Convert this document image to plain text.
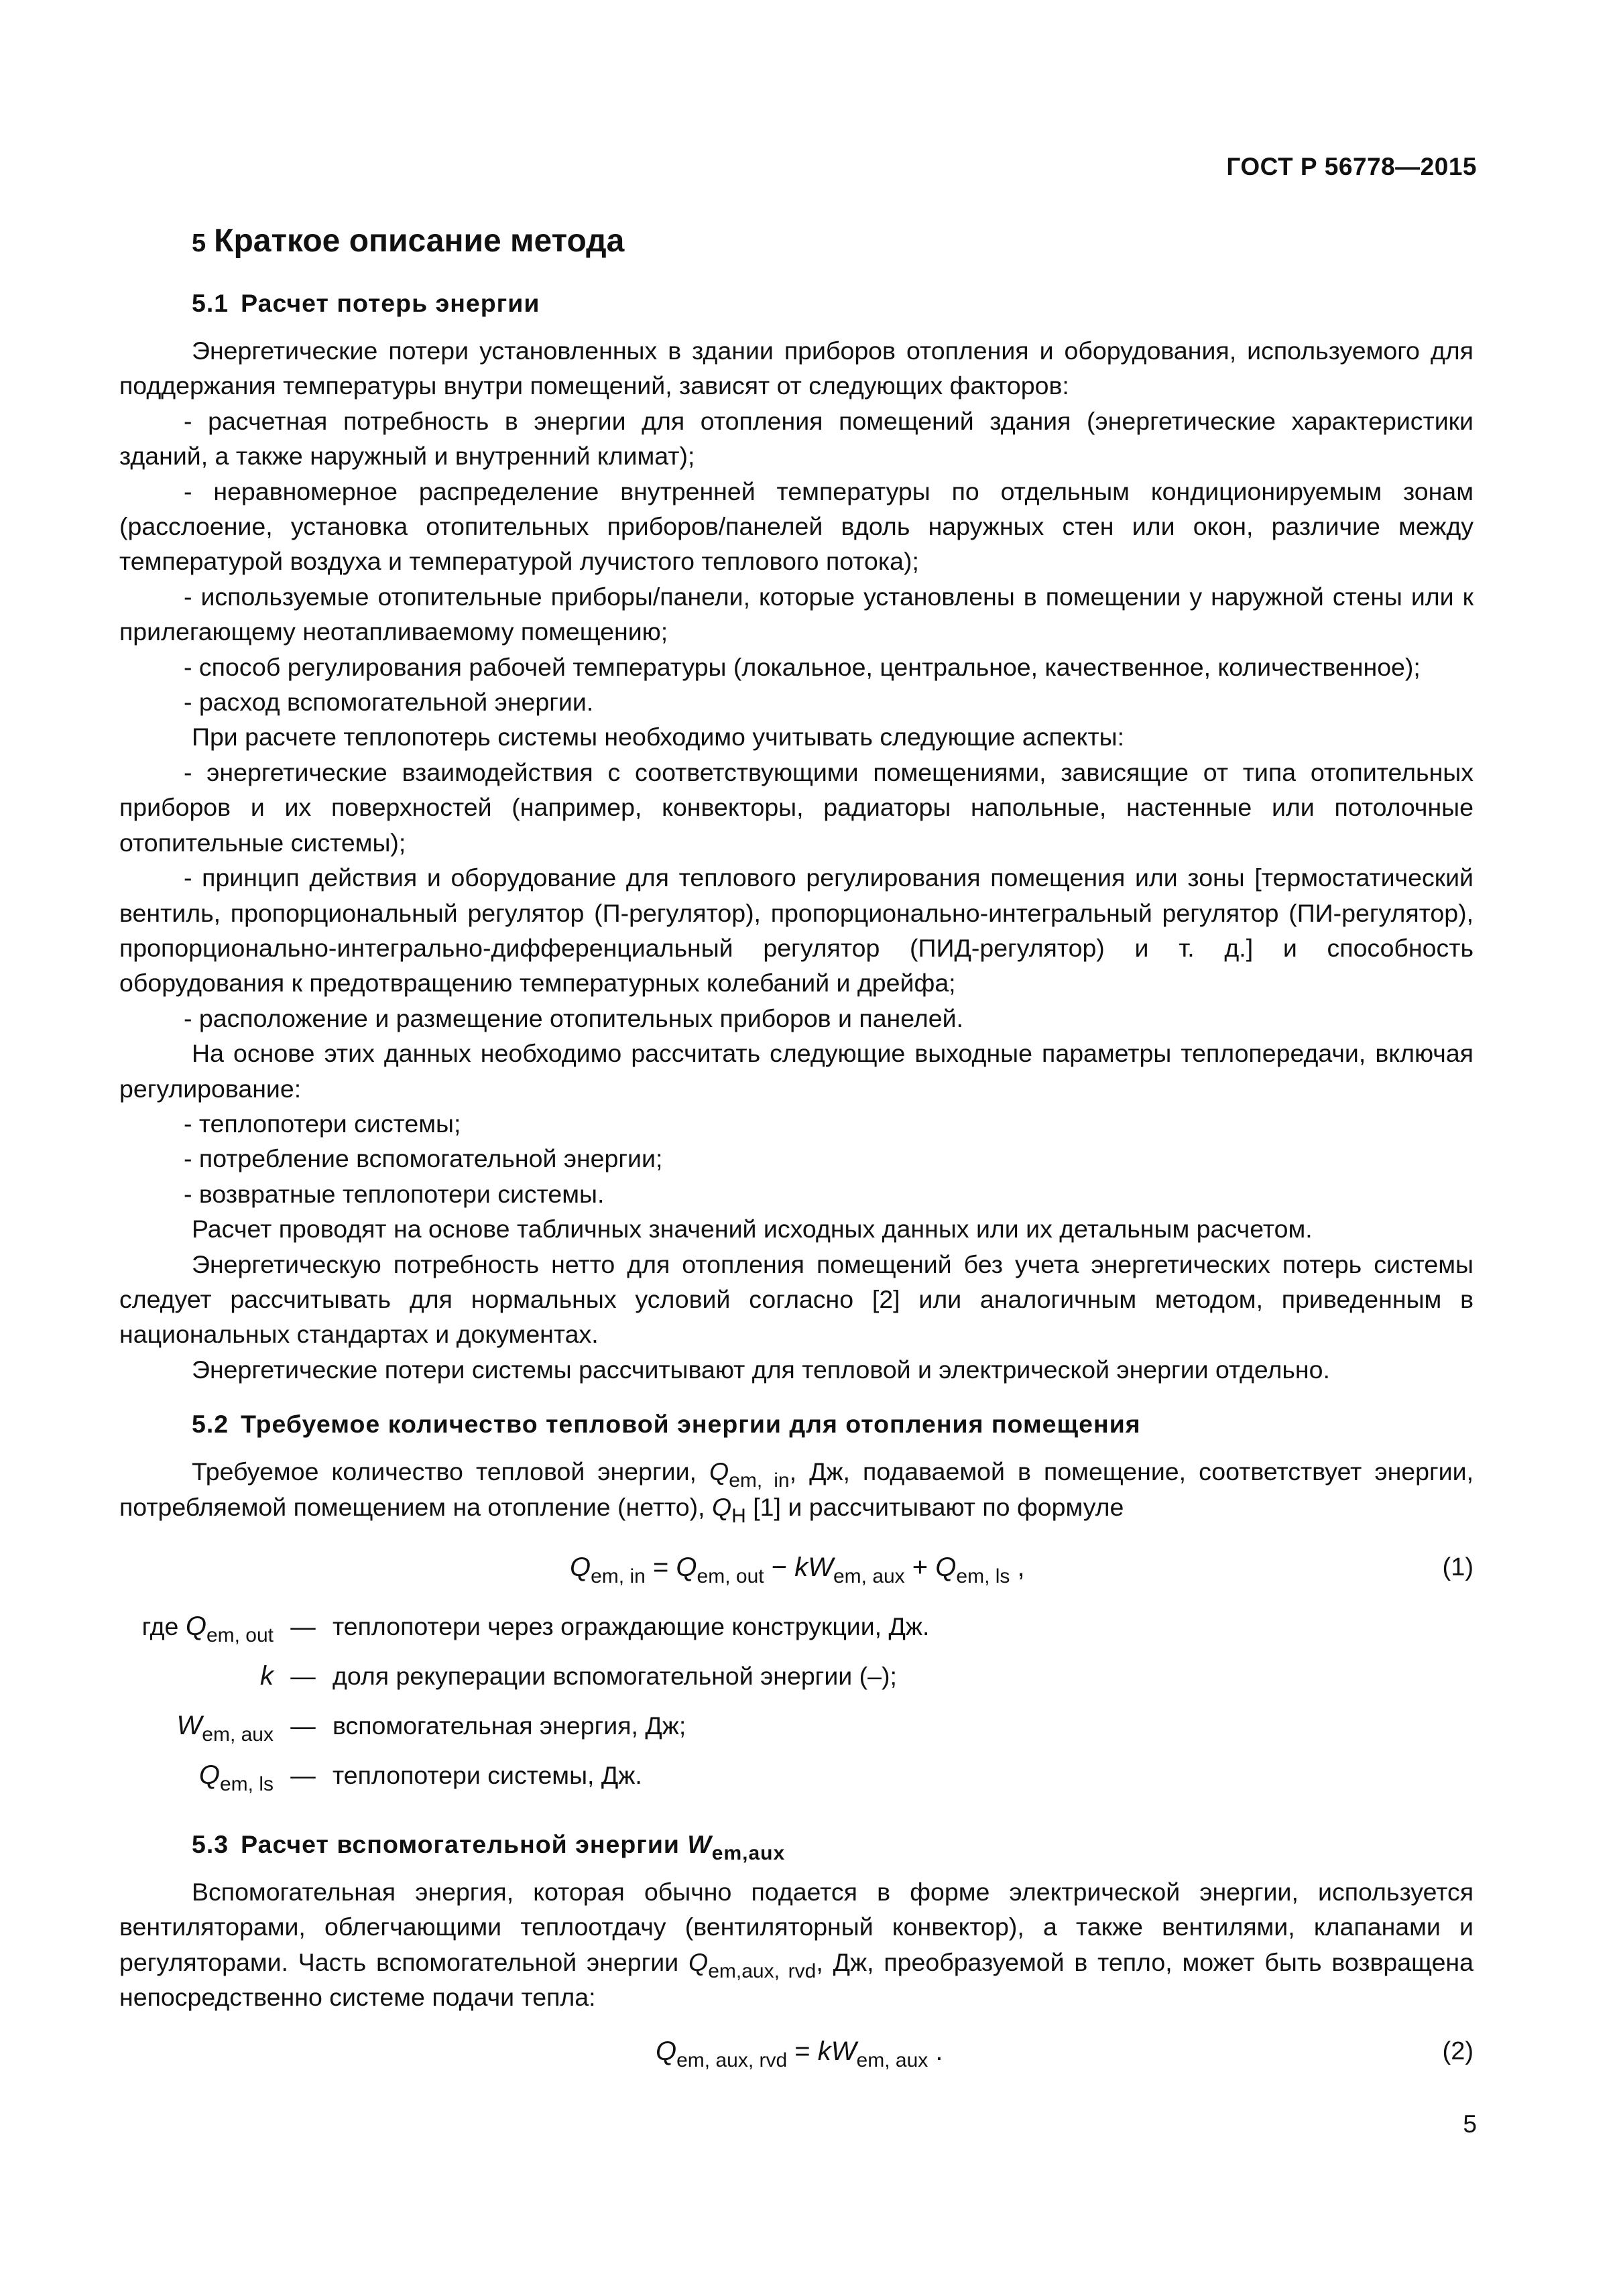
ГОСТ Р 56778—2015
5 Краткое описание метода
5.1 Расчет потерь энергии

Энергетические потери установленных в здании приборов отопления и оборудования, используемого для поддержания температуры внутри помещений, зависят от следующих факторов:

- расчетная потребность в энергии для отопления помещений здания (энергетические характеристики зданий, а также наружный и внутренний климат);

- неравномерное распределение внутренней температуры по отдельным кондиционируемым зонам (расслоение, установка отопительных приборов/панелей вдоль наружных стен или окон, различие между температурой воздуха и температурой лучистого теплового потока);

- используемые отопительные приборы/панели, которые установлены в помещении у наружной стены или к прилегающему неотапливаемому помещению;

- способ регулирования рабочей температуры (локальное, центральное, качественное, количественное);

- расход вспомогательной энергии.

При расчете теплопотерь системы необходимо учитывать следующие аспекты:

- энергетические взаимодействия с соответствующими помещениями, зависящие от типа отопительных приборов и их поверхностей (например, конвекторы, радиаторы напольные, настенные или потолочные отопительные системы);

- принцип действия и оборудование для теплового регулирования помещения или зоны [термостатический вентиль, пропорциональный регулятор (П-регулятор), пропорционально-интегральный регулятор (ПИ-регулятор), пропорционально-интегрально-дифференциальный регулятор (ПИД-регулятор) и т. д.] и способность оборудования к предотвращению температурных колебаний и дрейфа;

- расположение и размещение отопительных приборов и панелей.

На основе этих данных необходимо рассчитать следующие выходные параметры теплопередачи, включая регулирование:

- теплопотери системы;

- потребление вспомогательной энергии;

- возвратные теплопотери системы.

Расчет проводят на основе табличных значений исходных данных или их детальным расчетом.

Энергетическую потребность нетто для отопления помещений без учета энергетических потерь системы следует рассчитывать для нормальных условий согласно [2] или аналогичным методом, приведенным в национальных стандартах и документах.

Энергетические потери системы рассчитывают для тепловой и электрической энергии отдельно.

5.2 Требуемое количество тепловой энергии для отопления помещения

Требуемое количество тепловой энергии, $Q_{em, in}$, Дж, подаваемой в помещение, соответствует энергии, потребляемой помещением на отопление (нетто), $Q_H$ [1] и рассчитывают по формуле

$Q_{em, in} = Q_{em, out} - kW_{em, aux} + Q_{em, ls}$ ,	(1)
где $Q_{em, out}$ — теплопотери через ограждающие конструкции, Дж.
k — доля рекуперации вспомогательной энергии (–);
$W_{em, aux}$ — вспомогательная энергия, Дж;
$Q_{em, ls}$ — теплопотери системы, Дж.
5.3 Расчет вспомогательной энергии $W_{em,aux}$

Вспомогательная энергия, которая обычно подается в форме электрической энергии, используется вентиляторами, облегчающими теплоотдачу (вентиляторный конвектор), а также вентилями, клапанами и регуляторами. Часть вспомогательной энергии $Q_{em,aux, rvd}$, Дж, преобразуемой в тепло, может быть возвращена непосредственно системе подачи тепла:

$Q_{em, aux, rvd} = kW_{em, aux}$ .	(2)
5
